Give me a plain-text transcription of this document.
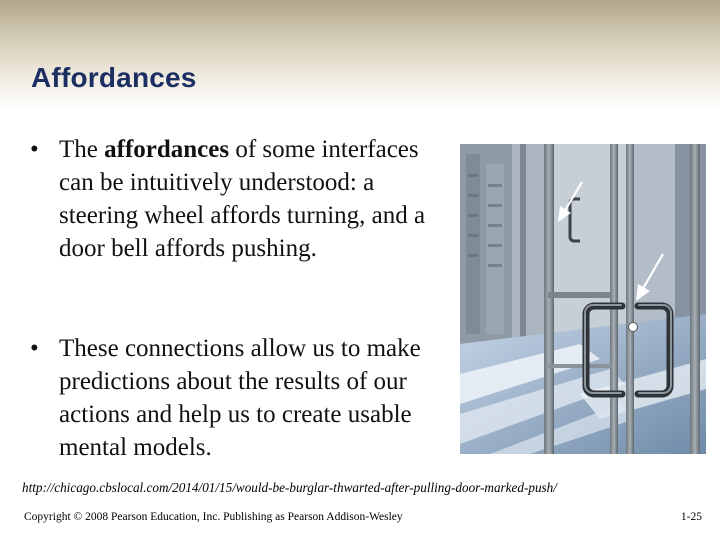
Affordances
• The affordances of some interfaces can be intuitively understood: a steering wheel affords turning, and a door bell affords pushing.
• These connections allow us to make predictions about the results of our actions and help us to create usable mental models.
http://chicago.cbslocal.com/2014/01/15/would-be-burglar-thwarted-after-pulling-door-marked-push/
Copyright © 2008 Pearson Education, Inc. Publishing as Pearson Addison-Wesley	1-25
